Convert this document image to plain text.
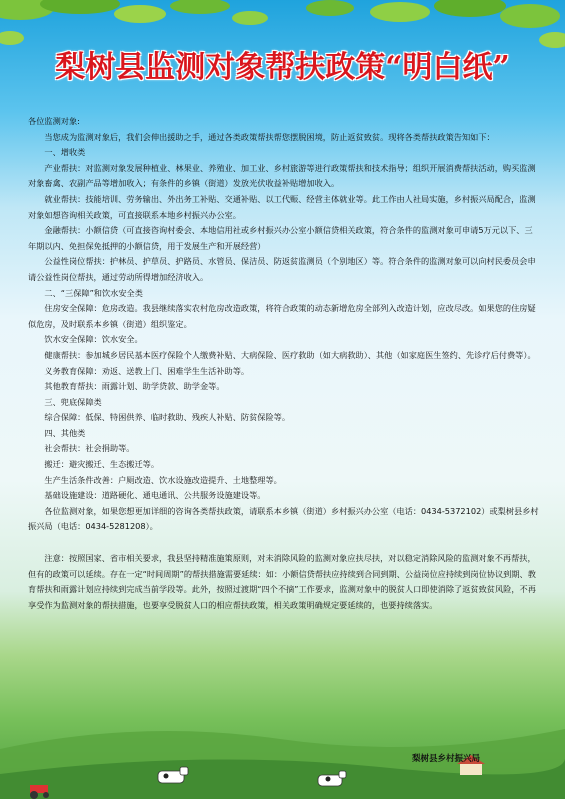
梨树县监测对象帮扶政策“明白纸”

各位监测对象:

当您成为监测对象后，我们会伸出援助之手，通过各类政策帮扶帮您摆脱困境，防止返贫致贫。现将各类帮扶政策告知如下：

一、增收类

产业帮扶：对监测对象发展种植业、林果业、养殖业、加工业、乡村旅游等进行政策帮扶和技术指导；组织开展消费帮扶活动，购买监测对象畜禽、农副产品等增加收入；有条件的乡镇（街道）发放光伏收益补贴增加收入。

就业帮扶：技能培训、劳务输出、外出务工补贴、交通补贴、以工代赈、经营主体就业等。此工作由人社局实施，乡村振兴局配合，监测对象如想咨询相关政策，可直接联系本地乡村振兴办公室。

金融帮扶：小额信贷（可直接咨询村委会、本地信用社或乡村振兴办公室小额信贷相关政策，符合条件的监测对象可申请5万元以下、三年期以内、免担保免抵押的小额信贷，用于发展生产和开展经营）

公益性岗位帮扶：护林员、护草员、护路员、水管员、保洁员、防返贫监测员（个别地区）等。符合条件的监测对象可以向村民委员会申请公益性岗位帮扶，通过劳动所得增加经济收入。

二、“三保障”和饮水安全类

住房安全保障：危房改造。我县继续落实农村危房改造政策，将符合政策的动态新增危房全部列入改造计划，应改尽改。如果您的住房疑似危房，及时联系本乡镇（街道）组织鉴定。

饮水安全保障：饮水安全。

健康帮扶：参加城乡居民基本医疗保险个人缴费补贴、大病保险、医疗救助（如大病救助）、其他（如家庭医生签约、先诊疗后付费等）。

义务教育保障：劝返、送教上门、困难学生生活补助等。

其他教育帮扶：雨露计划、助学贷款、助学金等。

三、兜底保障类

综合保障：低保、特困供养、临时救助、残疾人补贴、防贫保险等。

四、其他类

社会帮扶：社会捐助等。

搬迁：避灾搬迁、生态搬迁等。

生产生活条件改善：户厕改造、饮水设施改造提升、土地整理等。

基础设施建设：道路硬化、通电通讯、公共服务设施建设等。

各位监测对象，如果您想更加详细的咨询各类帮扶政策，请联系本乡镇（街道）乡村振兴办公室（电话：0434-5372102）或梨树县乡村振兴局（电话：0434-5281208）。

注意：按照国家、省市相关要求，我县坚持精准施策原则，对未消除风险的监测对象应扶尽扶，对以稳定消除风险的监测对象不再帮扶，但有的政策可以延续。存在一定“时间周期”的帮扶措施需要延续：如：小额信贷帮扶应持续到合同到期、公益岗位应持续到岗位协议到期、教育帮扶和雨露计划应持续到完成当前学段等。此外，按照过渡期“四个不摘”工作要求，监测对象中的脱贫人口即使消除了返贫致贫风险，不再享受作为监测对象的帮扶措施，也要享受脱贫人口的相应帮扶政策，相关政策明确规定要延续的，也要持续落实。

梨树县乡村振兴局
